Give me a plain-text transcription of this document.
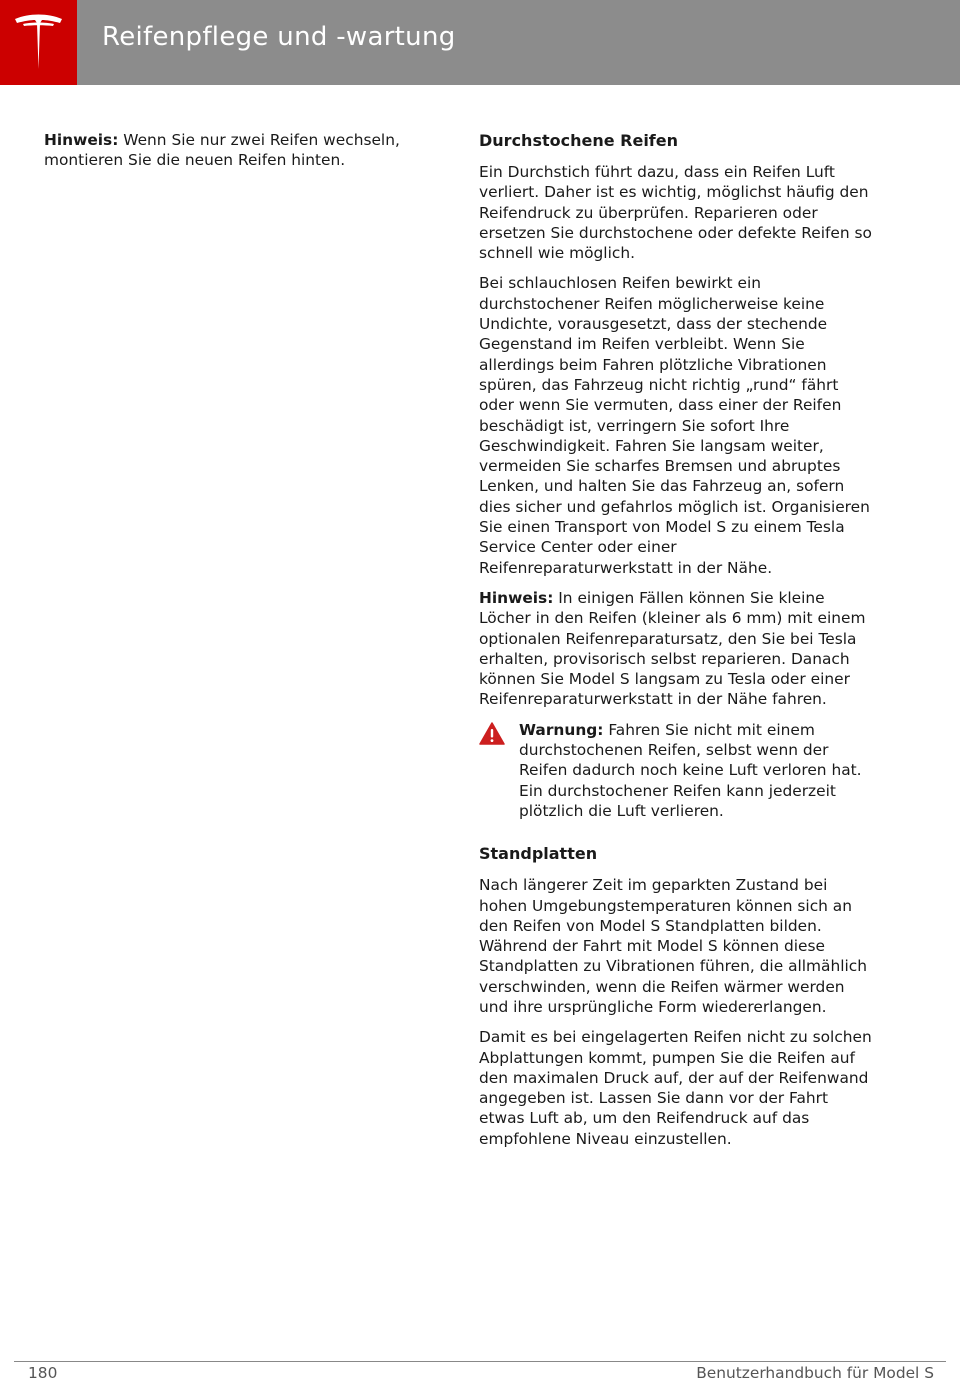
Reifenpflege und -wartung

Hinweis: Wenn Sie nur zwei Reifen wechseln, montieren Sie die neuen Reifen hinten.

Durchstochene Reifen

Ein Durchstich führt dazu, dass ein Reifen Luft verliert. Daher ist es wichtig, möglichst häufig den Reifendruck zu überprüfen. Reparieren oder ersetzen Sie durchstochene oder defekte Reifen so schnell wie möglich.

Bei schlauchlosen Reifen bewirkt ein durchstochener Reifen möglicherweise keine Undichte, vorausgesetzt, dass der stechende Gegenstand im Reifen verbleibt. Wenn Sie allerdings beim Fahren plötzliche Vibrationen spüren, das Fahrzeug nicht richtig „rund“ fährt oder wenn Sie vermuten, dass einer der Reifen beschädigt ist, verringern Sie sofort Ihre Geschwindigkeit. Fahren Sie langsam weiter, vermeiden Sie scharfes Bremsen und abruptes Lenken, und halten Sie das Fahrzeug an, sofern dies sicher und gefahrlos möglich ist. Organisieren Sie einen Transport von Model S zu einem Tesla Service Center oder einer Reifenreparaturwerkstatt in der Nähe.

Hinweis: In einigen Fällen können Sie kleine Löcher in den Reifen (kleiner als 6 mm) mit einem optionalen Reifenreparatursatz, den Sie bei Tesla erhalten, provisorisch selbst reparieren. Danach können Sie Model S langsam zu Tesla oder einer Reifenreparaturwerkstatt in der Nähe fahren.

Warnung: Fahren Sie nicht mit einem durchstochenen Reifen, selbst wenn der Reifen dadurch noch keine Luft verloren hat. Ein durchstochener Reifen kann jederzeit plötzlich die Luft verlieren.

Standplatten

Nach längerer Zeit im geparkten Zustand bei hohen Umgebungstemperaturen können sich an den Reifen von Model S Standplatten bilden. Während der Fahrt mit Model S können diese Standplatten zu Vibrationen führen, die allmählich verschwinden, wenn die Reifen wärmer werden und ihre ursprüngliche Form wiedererlangen.

Damit es bei eingelagerten Reifen nicht zu solchen Abplattungen kommt, pumpen Sie die Reifen auf den maximalen Druck auf, der auf der Reifenwand angegeben ist. Lassen Sie dann vor der Fahrt etwas Luft ab, um den Reifendruck auf das empfohlene Niveau einzustellen.

180	Benutzerhandbuch für Model S
